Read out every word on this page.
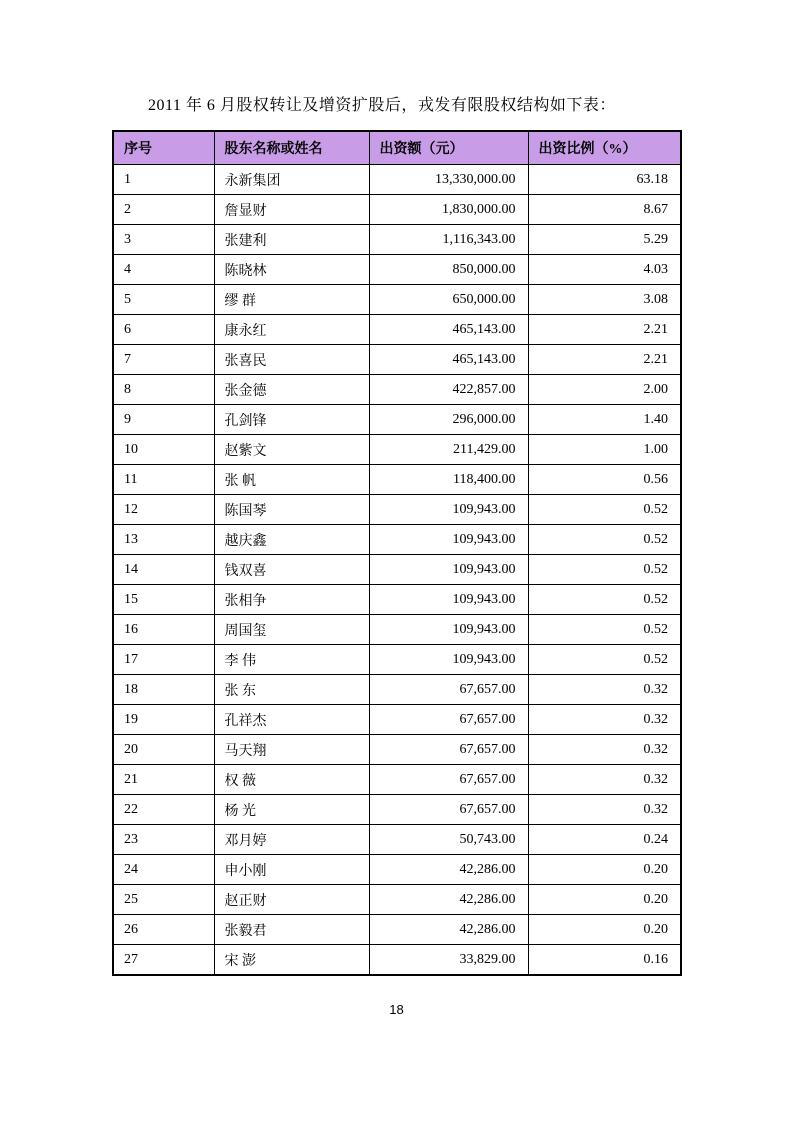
2011 年 6 月股权转让及增资扩股后，戎发有限股权结构如下表：
序号	股东名称或姓名	出资额（元）	出资比例（%）
1	永新集团	13,330,000.00	63.18
2	詹显财	1,830,000.00	8.67
3	张建利	1,116,343.00	5.29
4	陈晓林	850,000.00	4.03
5	缪 群	650,000.00	3.08
6	康永红	465,143.00	2.21
7	张喜民	465,143.00	2.21
8	张金德	422,857.00	2.00
9	孔剑锋	296,000.00	1.40
10	赵紫文	211,429.00	1.00
11	张 帆	118,400.00	0.56
12	陈国琴	109,943.00	0.52
13	越庆鑫	109,943.00	0.52
14	钱双喜	109,943.00	0.52
15	张相争	109,943.00	0.52
16	周国玺	109,943.00	0.52
17	李 伟	109,943.00	0.52
18	张 东	67,657.00	0.32
19	孔祥杰	67,657.00	0.32
20	马天翔	67,657.00	0.32
21	权 薇	67,657.00	0.32
22	杨 光	67,657.00	0.32
23	邓月婷	50,743.00	0.24
24	申小刚	42,286.00	0.20
25	赵正财	42,286.00	0.20
26	张毅君	42,286.00	0.20
27	宋 澎	33,829.00	0.16
18
